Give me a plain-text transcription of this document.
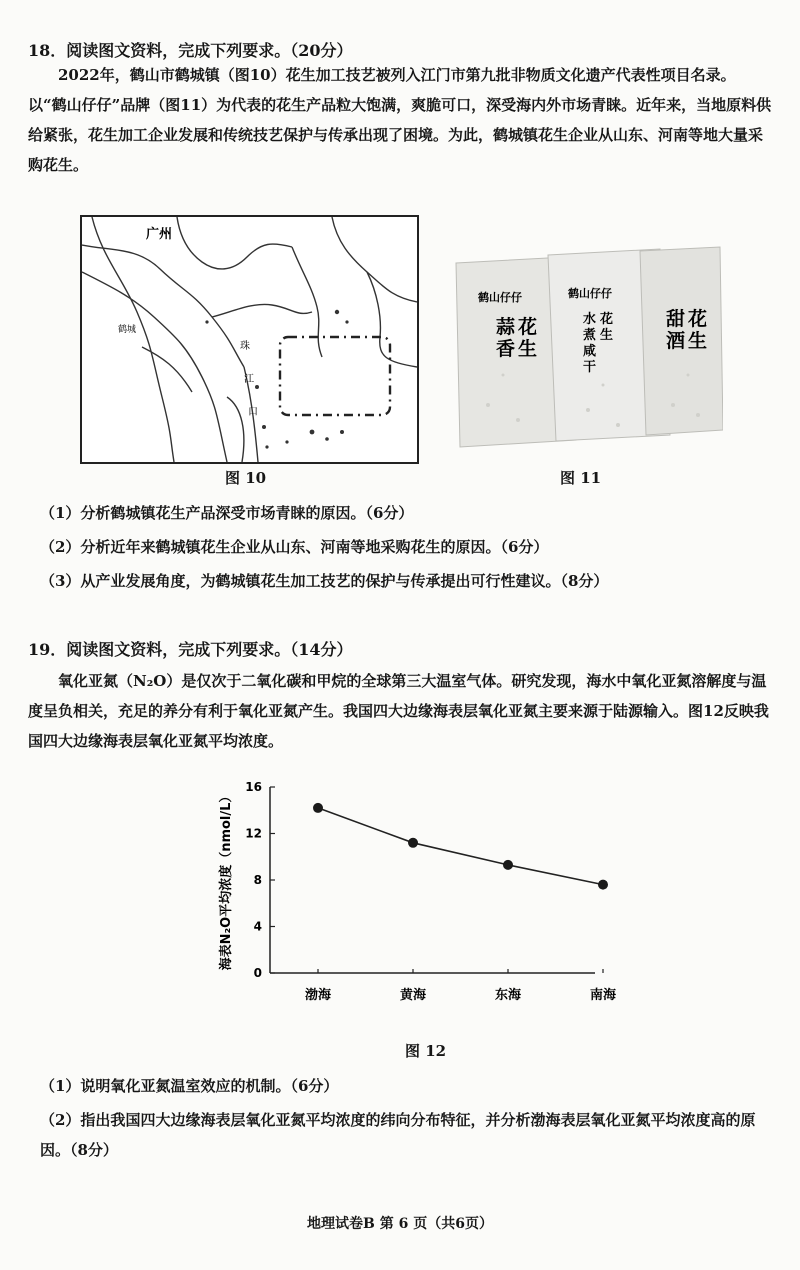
18．阅读图文资料，完成下列要求。（20分）
2022年，鹤山市鹤城镇（图10）花生加工技艺被列入江门市第九批非物质文化遗产代表性项目名录。以“鹤山仔仔”品牌（图11）为代表的花生产品粒大饱满，爽脆可口，深受海内外市场青睐。近年来，当地原料供给紧张，花生加工企业发展和传统技艺保护与传承出现了困境。为此，鹤城镇花生企业从山东、河南等地大量采购花生。
广州
鹤城
珠
江
口
图 10
鹤山仔仔
蒜
香
花
生
鹤山仔仔
水
煮
咸
干
花
生
甜
酒
花
生
图 11
（1）分析鹤城镇花生产品深受市场青睐的原因。（6分）
（2）分析近年来鹤城镇花生企业从山东、河南等地采购花生的原因。（6分）
（3）从产业发展角度，为鹤城镇花生加工技艺的保护与传承提出可行性建议。（8分）
19．阅读图文资料，完成下列要求。（14分）
氧化亚氮（N₂O）是仅次于二氧化碳和甲烷的全球第三大温室气体。研究发现，海水中氧化亚氮溶解度与温度呈负相关，充足的养分有利于氧化亚氮产生。我国四大边缘海表层氧化亚氮主要来源于陆源输入。图12反映我国四大边缘海表层氧化亚氮平均浓度。
0
4
8
12
16
海表N₂O平均浓度（nmol/L）
渤海	黄海	东海	南海
图 12
（1）说明氧化亚氮温室效应的机制。（6分）
（2）指出我国四大边缘海表层氧化亚氮平均浓度的纬向分布特征，并分析渤海表层氧化亚氮平均浓度高的原因。（8分）
地理试卷B 第 6 页（共6页）
